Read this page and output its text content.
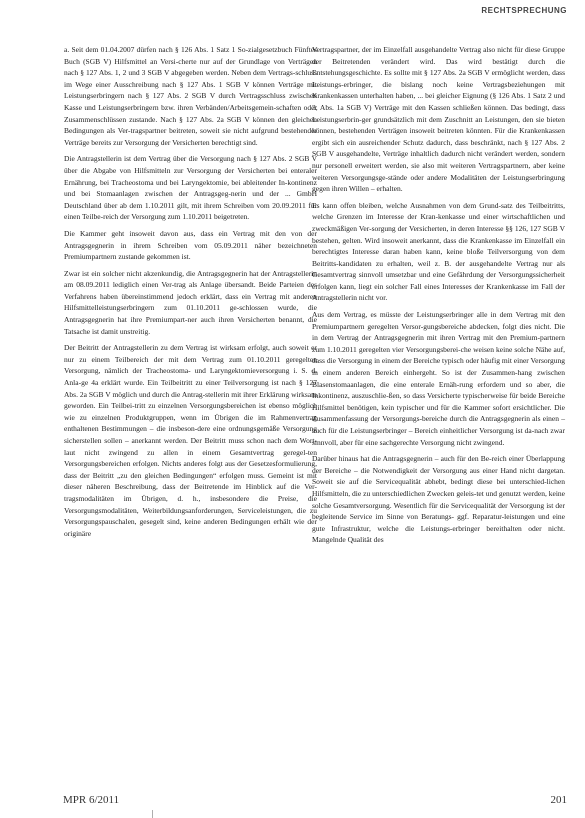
RECHTSPRECHUNG

a. Seit dem 01.04.2007 dürfen nach § 126 Abs. 1 Satz 1 So-zialgesetzbuch Fünftes Buch (SGB V) Hilfsmittel an Versi-cherte nur auf der Grundlage von Verträgen nach § 127 Abs. 1, 2 und 3 SGB V abgegeben werden. Neben dem Vertrags-schluss im Wege einer Ausschreibung nach § 127 Abs. 1 SGB V können Verträge mit Leistungserbringern nach § 127 Abs. 2 SGB V durch Vertragsschluss zwischen Kasse und Leistungserbringern bzw. ihren Verbänden/Arbeitsgemein-schaften oder Zusammenschlüssen zustande. Nach § 127 Abs. 2a SGB V können den gleichen Bedingungen als Ver-tragspartner beitreten, soweit sie nicht aufgrund bestehender Verträge bereits zur Versorgung der Versicherten berechtigt sind.

Die Antragstellerin ist dem Vertrag über die Versorgung nach § 127 Abs. 2 SGB V über die Abgabe von Hilfsmitteln zur Versorgung der Versicherten bei enteraler Ernährung, bei Tracheostoma und bei Laryngektomie, bei ableitender In-kontinenz und bei Stomaanlagen zwischen der Antragsgeg-nerin und der ... GmbH Deutschland über ab dem 1.10.2011 gilt, mit ihrem Schreiben vom 20.09.2011 für einen Teilbe-reich der Versorgung zum 1.10.2011 beigetreten.

Die Kammer geht insoweit davon aus, dass ein Vertrag mit den von der Antragsgegnerin in ihrem Schreiben vom 05.09.2011 näher bezeichneten Premiumpartnern zustande gekommen ist.

Zwar ist ein solcher nicht akzenkundig, die Antragsgegnerin hat der Antragstellerin am 08.09.2011 lediglich einen Ver-trag als Anlage übersandt. Beide Parteien des Verfahrens haben übereinstimmend jedoch erklärt, dass ein Vertrag mit anderen Hilfsmittelleistungserbringern zum 01.10.2011 ge-schlossen wurde, die Antragsgegnerin hat ihre Premiumpart-ner auch ihren Versicherten benannt, die Tatsache ist damit unstreitig.

Der Beitritt der Antragstellerin zu dem Vertrag ist wirksam erfolgt, auch soweit er nur zu einem Teilbereich der mit dem Vertrag zum 01.10.2011 geregelten Versorgung, nämlich der Tracheostoma- und Laryngektomieversorgung i. S. d. Anla-ge 4a erklärt wurde. Ein Teilbeitritt zu einer Teilversorgung ist nach § 127 Abs. 2a SGB V möglich und durch die Antrag-stellerin mit ihrer Erklärung wirksam geworden. Ein Teilbei-tritt zu einzelnen Versorgungsbereichen ist ebenso möglich wie zu einzelnen Produktgruppen, wenn im Übrigen die im Rahmenvertrag enthaltenen Bestimmungen – die insbeson-dere eine ordnungsgemäße Versorgung sicherstellen sollen – anerkannt werden. Der Beitritt muss schon nach dem Wort-laut nicht zwingend zu allen in einem Gesamtvertrag geregel-ten Versorgungsbereichen erfolgen. Nichts anderes folgt aus der Gesetzesformulierung, dass der Beitritt „zu den gleichen Bedingungen“ erfolgen muss. Gemeint ist mit dieser näheren Beschreibung, dass der Beitretende im Hinblick auf die Ver-tragsmodalitäten im Übrigen, d. h., insbesondere die Preise, die Versorgungsmodalitäten, Weiterbildungsanforderungen, Serviceleistungen, die zu Versorgungspauschalen, gesegelt sind, keine anderen Bedingungen erhält wie der originäre

Vertragspartner, der im Einzelfall ausgehandelte Vertrag also nicht für diese Gruppe der Beitretenden verändert wird. Das wird bestätigt durch die Entstehungsgeschichte. Es sollte mit § 127 Abs. 2a SGB V ermöglicht werden, dass Leistungs-erbringer, die bislang noch keine Vertragsbeziehungen mit Krankenkassen unterhalten haben, ... bei gleicher Eignung (§ 126 Abs. 1 Satz 2 und 3, Abs. 1a SGB V) Verträge mit den Kassen schließen können. Das bedingt, dass Leistungserbrin-ger grundsätzlich mit dem Zuschnitt an Leistungen, den sie bieten können, bestehenden Verträgen insoweit beitreten könnten. Für die Krankenkassen ergibt sich ein ausreichender Schutz dadurch, dass beschränkt, nach § 127 Abs. 2 SGB V ausgehandelte, Verträge inhaltlich dadurch nicht verändert werden, sondern nur personell erweitert werden, sie also mit weiteren Vertragspartnern, aber keine weiteren Versorgungsge-stände oder andere Modalitäten der Leistungserbringung gegen ihren Willen – erhalten.

Es kann offen bleiben, welche Ausnahmen von dem Grund-satz des Teilbeitritts, welche Grenzen im Interesse der Kran-kenkasse und einer wirtschaftlichen und zweckmäßigen Ver-sorgung der Versicherten, in deren Interesse §§ 126, 127 SGB V bestehen, gelten. Wird insoweit anerkannt, dass die Krankenkasse im Einzelfall ein berechtigtes Interesse daran haben kann, keine bloße Teilversorgung von dem Beitritts-kandidaten zu erhalten, weil z. B. der ausgehandelte Vertrag nur als Gesamtvertrag sinnvoll umsetzbar und eine Gefährdung der Versorgungssicherheit erfolgen kann, liegt ein solcher Fall eines Interesses der Krankenkasse im Fall der Antragstellerin nicht vor.

Aus dem Vertrag, es müsste der Leistungserbringer alle in dem Vertrag mit den Premiumpartnern geregelten Versor-gungsbereiche abdecken, folgt dies nicht. Die in dem Vertrag der Antragsgegnerin mit ihren Vertrag mit den Premium-partnern zum 1.10.2011 geregelten vier Versorgungsberei-che weisen keine solche Nähe auf, dass die Versorgung in einem der Bereiche typisch oder häufig mit einer Versorgung in einem anderen Bereich einhergeht. So ist der Zusammen-hang zwischen Blasenstomaanlagen, die eine enterale Ernäh-rung erfordern und so aber, die Inkontinenz, auszuschlie-ßen, so dass Versicherte typischerweise für beide Bereiche Hilfsmittel benötigen, kein typischer und für die Kammer sofort ersichtlicher. Die Zusammenfassung der Versorgungs-bereiche durch die Antragsgegnerin als einen – auch für die Leistungserbringer – Bereich einheitlicher Versorgung ist da-nach zwar sinnvoll, aber für eine sachgerechte Versorgung nicht zwingend.

Darüber hinaus hat die Antragsgegnerin – auch für den Be-reich einer Überlappung der Bereiche – die Notwendigkeit der Versorgung aus einer Hand nicht dargetan. Soweit sie auf die Servicequalität abhebt, bedingt diese bei unterschied-lichen Hilfsmitteln, die zu unterschiedlichen Zwecken geleis-tet und genutzt werden, keine solche Gesamtversorgung. Wesentlich für die Servicequalität der Versorgung ist der begleitende Service im Sinne von Beratungs- ggf. Reparatur-leistungen und eine gute Infrastruktur, welche die Leistungs-erbringer bereithalten oder nicht. Mangelnde Qualität des

MPR 6/2011	201
|
